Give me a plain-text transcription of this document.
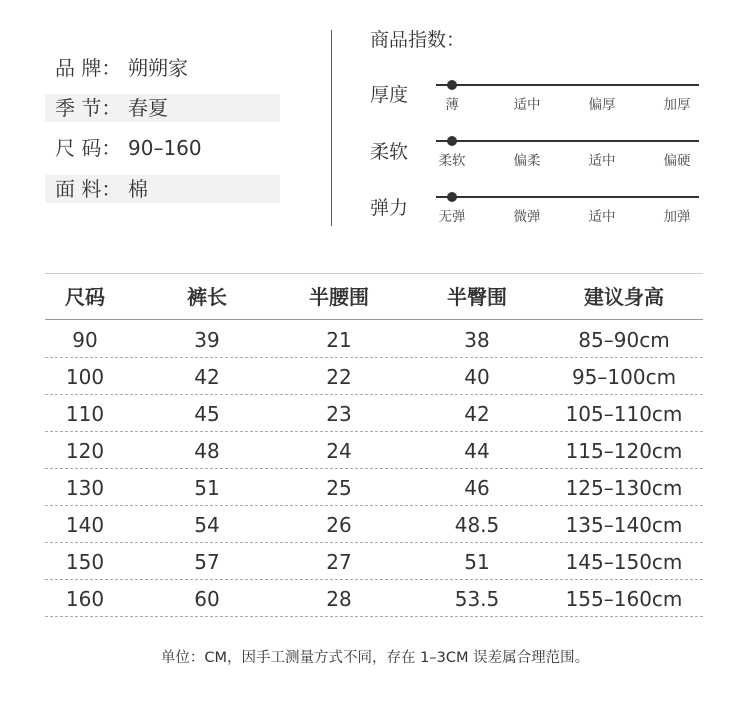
品 牌： 朔朔家
季 节： 春夏
尺 码： 90–160
面 料： 棉
商品指数：
厚度	薄	适中	偏厚	加厚
柔软 柔软	偏柔	适中	偏硬
弹力 无弹	微弹	适中	加弹
尺码	裤长	半腰围	半臀围	建议身高
90	39	21	38	85–90cm
100	42	22	40	95–100cm
110	45	23	42	105–110cm
120	48	24	44	115–120cm
130	51	25	46	125–130cm
140	54	26	48.5	135–140cm
150	57	27	51	145–150cm
160	60	28	53.5	155–160cm
单位：CM，因手工测量方式不同，存在 1–3CM 误差属合理范围。
